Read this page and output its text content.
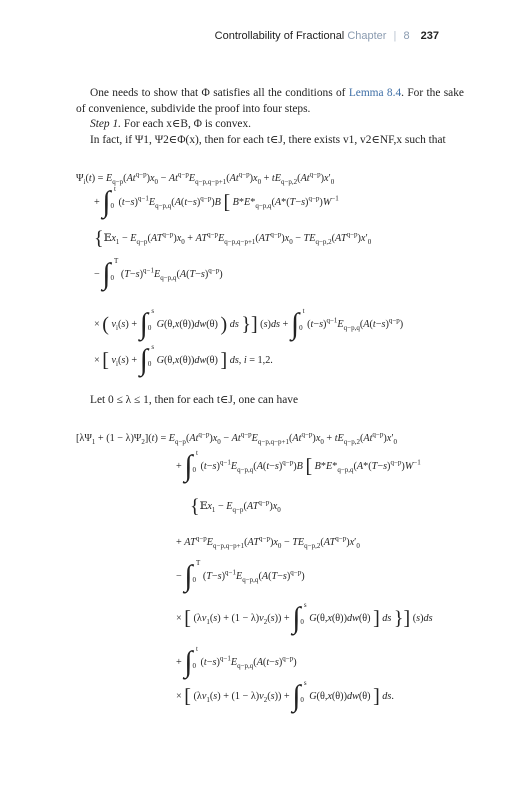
Controllability of Fractional Chapter | 8 237
One needs to show that Φ satisfies all the conditions of Lemma 8.4. For the sake of convenience, subdivide the proof into four steps.
Step 1. For each x∈B, Φ is convex.
In fact, if Ψ1, Ψ2∈Φ(x), then for each t∈J, there exists v1, v2∈NF,x such that
$\Psi_i(t) = E_{q-p}(At^{q-p})x_0 - At^{q-p}E_{q-p,q-p+1}(At^{q-p})x_0 + tE_{q-p,2}(At^{q-p})x'_0$
+ $\int_0^t$ $(t-s)^{q-1}E_{q-p,q}(A(t-s)^{q-p})B$ [ $B*E*_{q-p,q}(A*(T-s)^{q-p})W^{-1}$
{𝔼x$_1$ − $E_{q-p}(AT^{q-p})x_0 + AT^{q-p}E_{q-p,q-p+1}(AT^{q-p})x_0 - TE_{q-p,2}(AT^{q-p})x'_0$
− $\int_0^T$ $(T-s)^{q-1}E_{q-p,q}(A(T-s)^{q-p})$
× ( $v_i(s) + \int_0^s$ G(θ,x(θ))dw(θ) ) ds }] $(s)ds + \int_0^t$ $(t-s)^{q-1}E_{q-p,q}(A(t-s)^{q-p})$
× [ $v_i(s) + \int_0^s$ G(θ,x(θ))dw(θ) ] ds, i = 1,2.
Let 0 ≤ λ ≤ 1, then for each t∈J, one can have
$[\lambda\Psi_1 + (1 - \lambda)\Psi_2](t) = E_{q-p}(At^{q-p})x_0 - At^{q-p}E_{q-p,q-p+1}(At^{q-p})x_0 + tE_{q-p,2}(At^{q-p})x'_0$
+ $\int_0^t$ $(t-s)^{q-1}E_{q-p,q}(A(t-s)^{q-p})B$ [ $B*E*_{q-p,q}(A*(T-s)^{q-p})W^{-1}$
{𝔼x$_1$ − $E_{q-p}(AT^{q-p})x_0$
+ $AT^{q-p}E_{q-p,q-p+1}(AT^{q-p})x_0 - TE_{q-p,2}(AT^{q-p})x'_0$
− $\int_0^T$ $(T-s)^{q-1}E_{q-p,q}(A(T-s)^{q-p})$
× [ $(\lambda v_1(s) + (1 - \lambda)v_2(s)) + \int_0^s$ G(θ,x(θ))dw(θ) ] ds }] (s)ds
+ $\int_0^t$ $(t-s)^{q-1}E_{q-p,q}(A(t-s)^{q-p})$
× [ $(\lambda v_1(s) + (1 - \lambda)v_2(s)) + \int_0^s$ G(θ,x(θ))dw(θ) ] ds.
